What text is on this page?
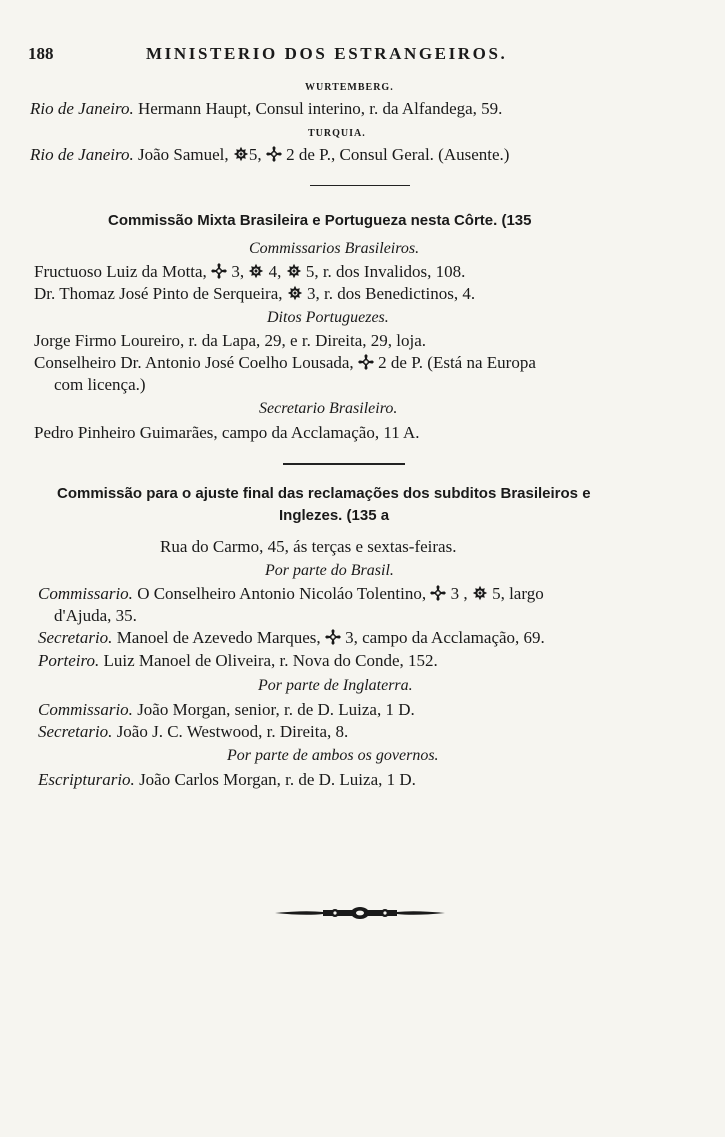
188	MINISTERIO DOS ESTRANGEIROS.
WURTEMBERG.
Rio de Janeiro. Hermann Haupt, Consul interino, r. da Alfandega, 59.
TURQUIA.
Rio de Janeiro. João Samuel, 5, 2 de P., Consul Geral. (Ausente.)
Commissão Mixta Brasileira e Portugueza nesta Côrte. (135
Commissarios Brasileiros.
Fructuoso Luiz da Motta, 3, 4, 5, r. dos Invalidos, 108.
Dr. Thomaz José Pinto de Serqueira, 3, r. dos Benedictinos, 4.
Ditos Portuguezes.
Jorge Firmo Loureiro, r. da Lapa, 29, e r. Direita, 29, loja.
Conselheiro Dr. Antonio José Coelho Lousada, 2 de P. (Está na Europa
com licença.)
Secretario Brasileiro.
Pedro Pinheiro Guimarães, campo da Acclamação, 11 A.
Commissão para o ajuste final das reclamações dos subditos Brasileiros e
Inglezes. (135 a
Rua do Carmo, 45, ás terças e sextas-feiras.
Por parte do Brasil.
Commissario. O Conselheiro Antonio Nicoláo Tolentino, 3 , 5, largo
d'Ajuda, 35.
Secretario. Manoel de Azevedo Marques, 3, campo da Acclamação, 69.
Porteiro. Luiz Manoel de Oliveira, r. Nova do Conde, 152.
Por parte de Inglaterra.
Commissario. João Morgan, senior, r. de D. Luiza, 1 D.
Secretario. João J. C. Westwood, r. Direita, 8.
Por parte de ambos os governos.
Escripturario. João Carlos Morgan, r. de D. Luiza, 1 D.
